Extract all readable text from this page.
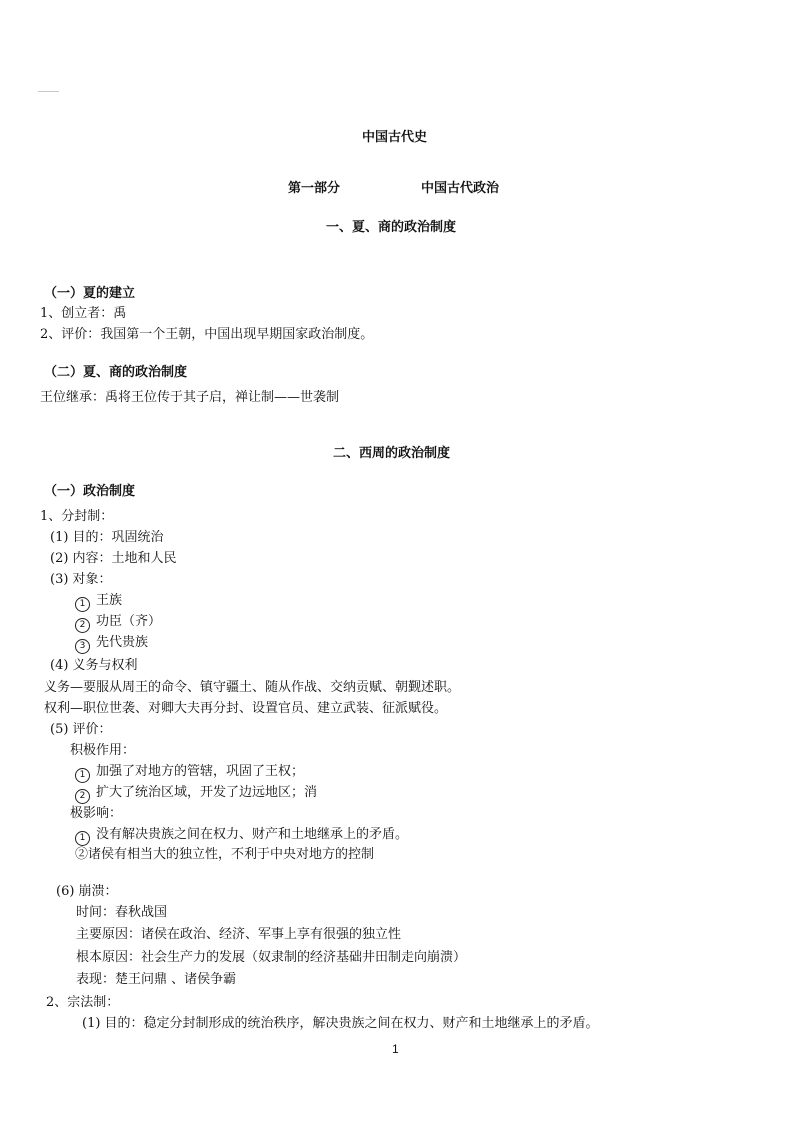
中国古代史
第一部分	中国古代政治
一、夏、商的政治制度
（一）夏的建立
1、创立者：禹
2、评价：我国第一个王朝，中国出现早期国家政治制度。
（二）夏、商的政治制度
王位继承：禹将王位传于其子启，禅让制——世袭制
二、西周的政治制度
（一）政治制度
1、分封制：
(1) 目的：巩固统治
(2) 内容：土地和人民
(3) 对象：
1 王族
2 功臣（齐）
3 先代贵族
(4) 义务与权利
义务—要服从周王的命令、镇守疆土、随从作战、交纳贡赋、朝觐述职。
权利—职位世袭、对卿大夫再分封、设置官员、建立武装、征派赋役。
(5) 评价：
积极作用：
1 加强了对地方的管辖，巩固了王权；
2 扩大了统治区域，开发了边远地区；消
极影响：
1 没有解决贵族之间在权力、财产和土地继承上的矛盾。
②诸侯有相当大的独立性，不利于中央对地方的控制
(6) 崩溃：
时间：春秋战国
主要原因：诸侯在政治、经济、军事上享有很强的独立性
根本原因：社会生产力的发展（奴隶制的经济基础井田制走向崩溃）
表现：楚王问鼎 、诸侯争霸
2、宗法制：
(1) 目的：稳定分封制形成的统治秩序，解决贵族之间在权力、财产和土地继承上的矛盾。
1
